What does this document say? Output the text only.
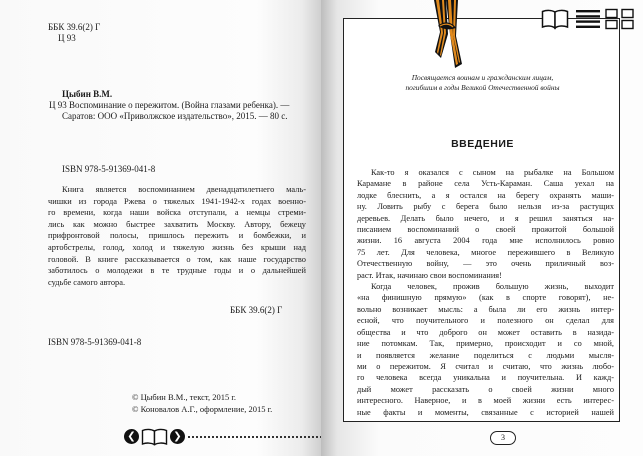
ББК 39.6(2) Г
Ц 93
Цыбин В.М.
Ц 93 Воспоминание о пережитом. (Война глазами ребенка). —
Саратов: ООО «Приволжское издательство», 2015. — 80 с.
ISBN 978-5-91369-041-8
Книга является воспоминанием двенадцатилетнего маль-
чишки из города Ржева о тяжелых 1941-1942-х годах военно-
го времени, когда наши войска отступали, а немцы стреми-
лись как можно быстрее захватить Москву. Автору, бежецу
прифронтовой полосы, пришлось пережить и бомбежки, и
артобстрелы, голод, холод и тяжелую жизнь без крыши над
головой. В книге рассказывается о том, как наше государство
заботилось о молодежи в те трудные годы и о дальнейшей
судьбе самого автора.
ББК 39.6(2) Г
ISBN 978-5-91369-041-8
© Цыбин В.М., текст, 2015 г.
© Коновалов А.Г., оформление, 2015 г.
❮	❯
Посвящается воинам и гражданским лицам,
погибшим в годы Великой Отечественной войны
ВВЕДЕНИЕ
Как-то я оказался с сыном на рыбалке на Большом
Карамане в районе села Усть-Караман. Саша уехал на
лодке блеснить, а я остался на берегу охранять маши-
ну. Ловить рыбу с берега было нельзя из-за растущих
деревьев. Делать было нечего, и я решил заняться на-
писанием воспоминаний о своей прожитой большой
жизни. 16 августа 2004 года мне исполнилось ровно
75 лет. Для человека, многое пережившего в Великую
Отечественную войну, — это очень приличный воз-
раст. Итак, начинаю свои воспоминания!
Когда человек, прожив большую жизнь, выходит
«на финишную прямую» (как в спорте говорят), не-
вольно возникает мысль: а была ли его жизнь интер-
есной, что поучительного и полезного он сделал для
общества и что доброго он может оставить в назида-
ние потомкам. Так, примерно, происходит и со мной,
и появляется желание поделиться с людьми мысля-
ми о пережитом. Я считал и считаю, что жизнь любо-
го человека всегда уникальна и поучительна. И кажд-
дый может рассказать о своей жизни много
интересного. Наверное, и в моей жизни есть интерес-
ные факты и моменты, связанные с историей нашей
3
